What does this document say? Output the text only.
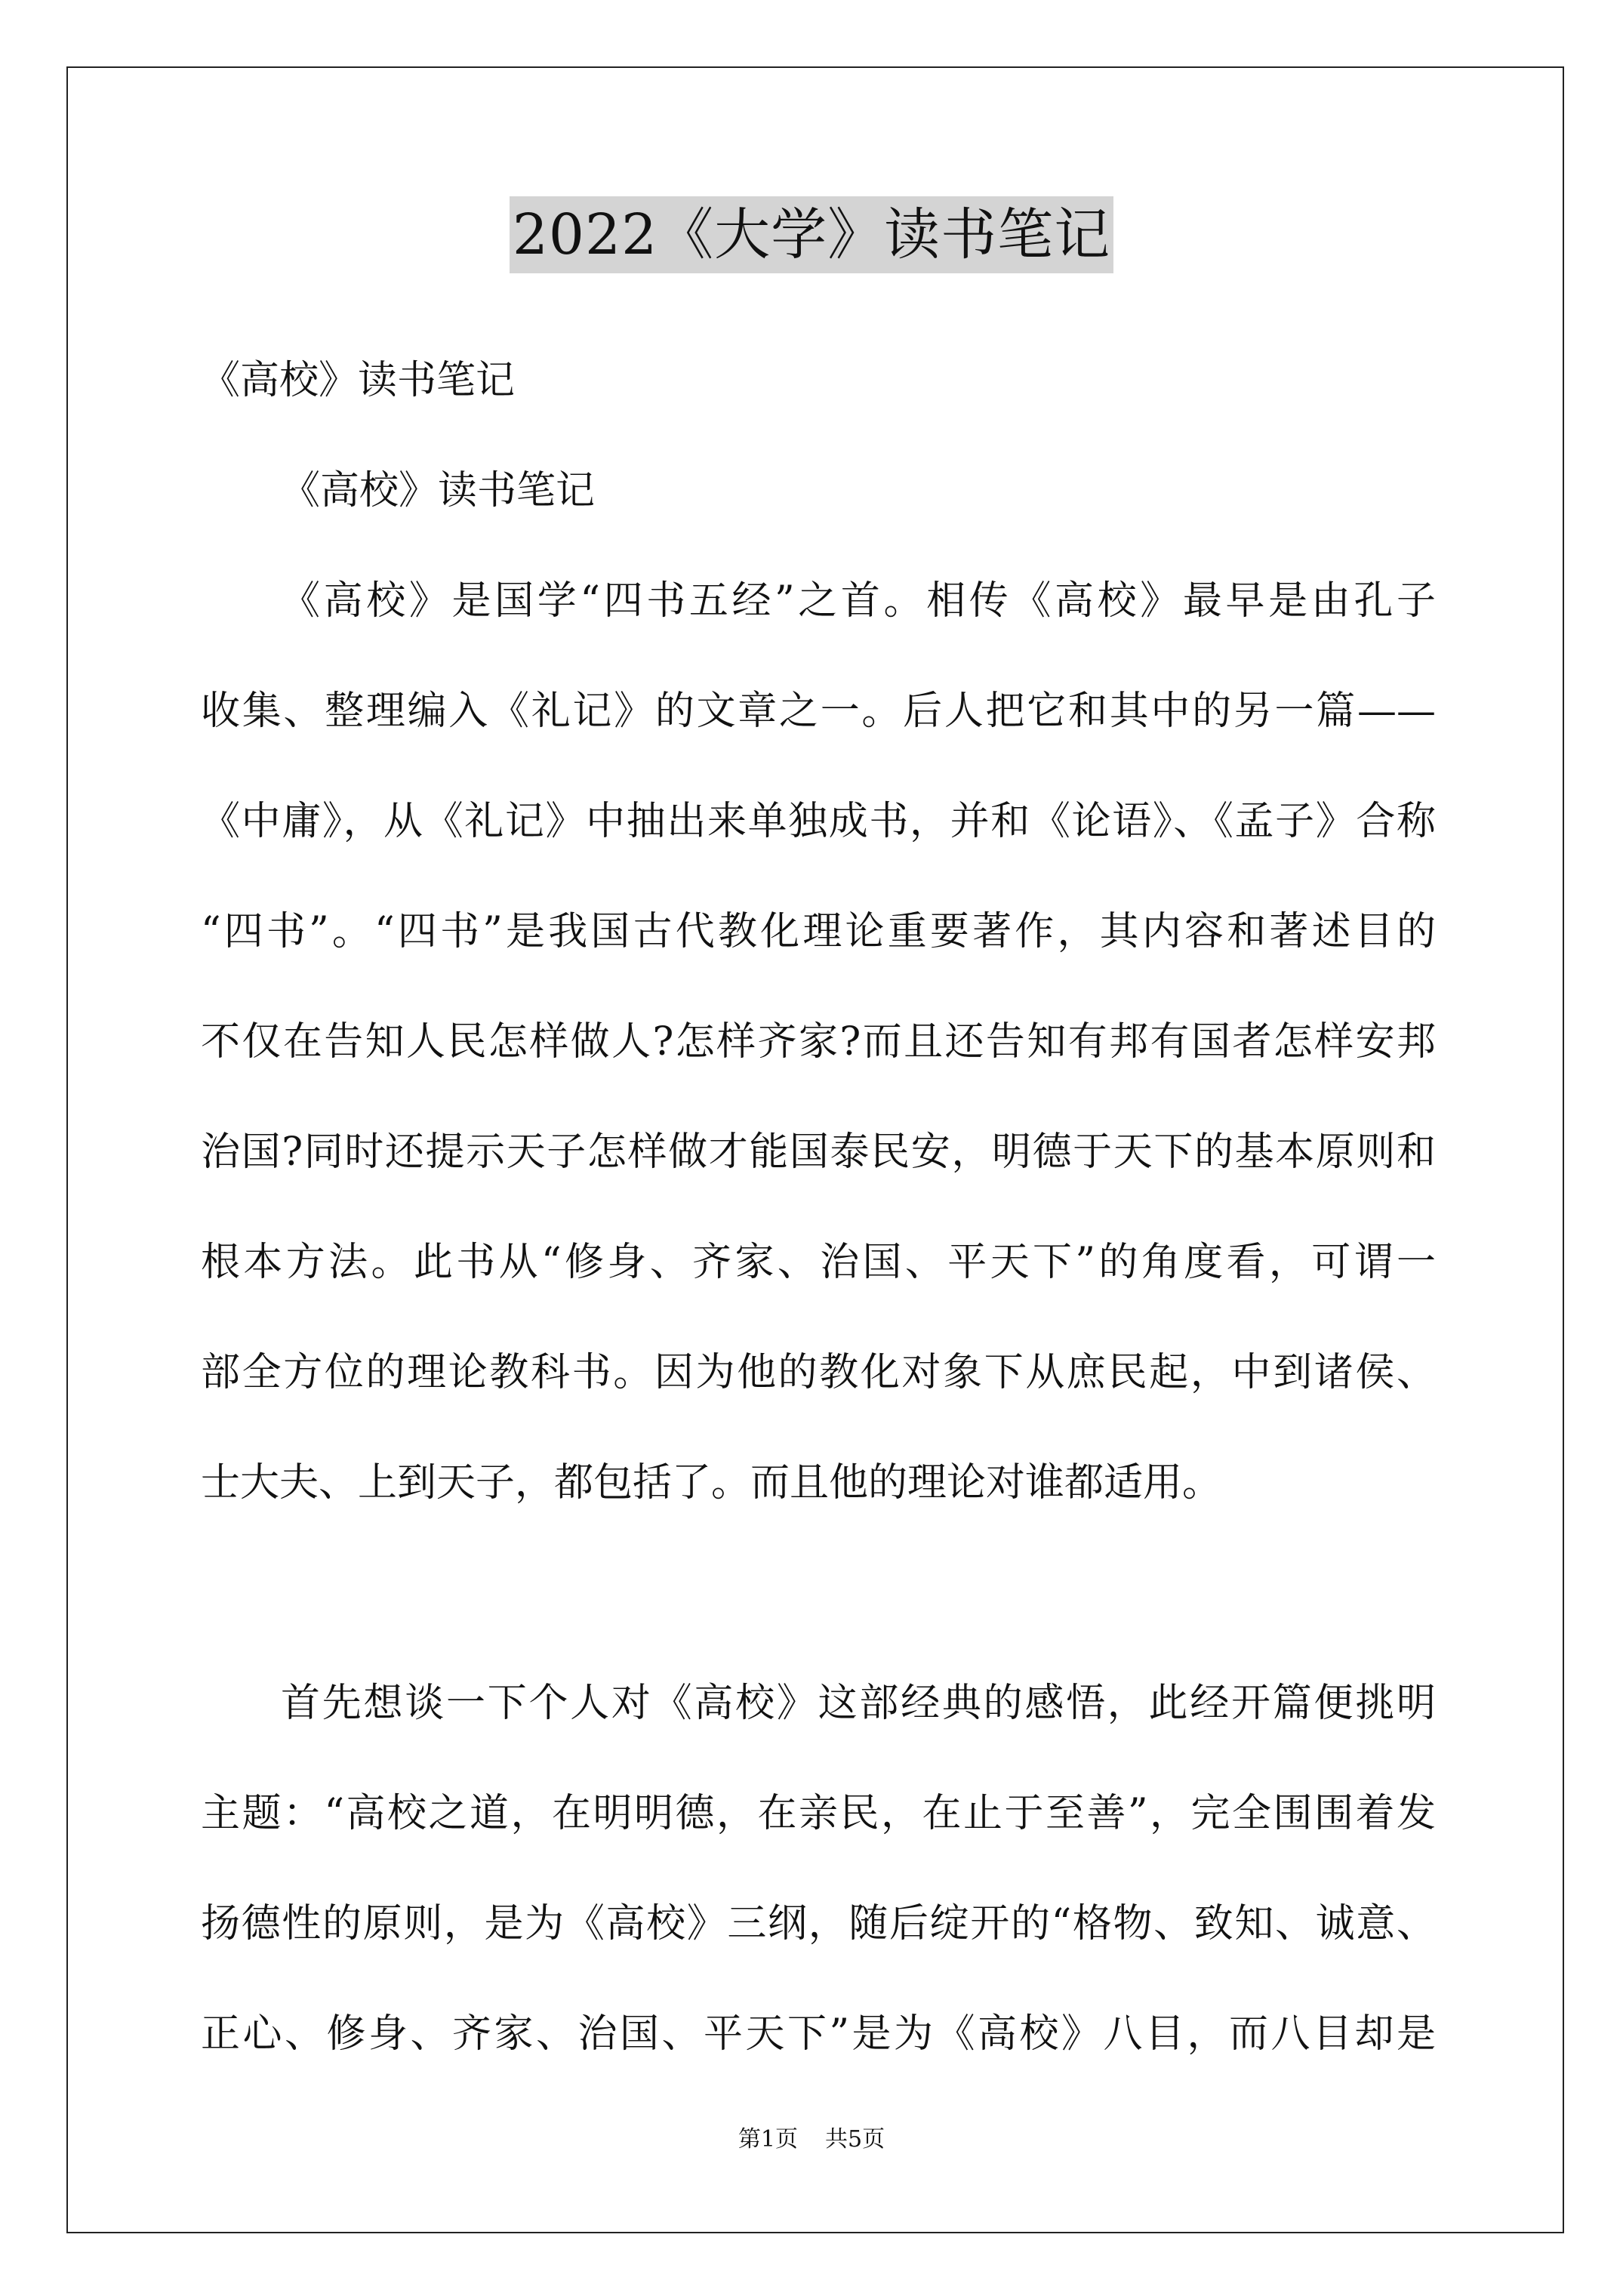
2022《大学》读书笔记
《高校》读书笔记
《高校》读书笔记
《高校》是国学“四书五经”之首。相传《高校》最早是由孔子
收集、整理编入《礼记》的文章之一。后人把它和其中的另一篇——
《中庸》，从《礼记》中抽出来单独成书，并和《论语》、《孟子》合称
“四书”。“四书”是我国古代教化理论重要著作，其内容和著述目的
不仅在告知人民怎样做人?怎样齐家?而且还告知有邦有国者怎样安邦
治国?同时还提示天子怎样做才能国泰民安，明德于天下的基本原则和
根本方法。此书从“修身、齐家、治国、平天下”的角度看，可谓一
部全方位的理论教科书。因为他的教化对象下从庶民起，中到诸侯、
士大夫、上到天子，都包括了。而且他的理论对谁都适用。
首先想谈一下个人对《高校》这部经典的感悟，此经开篇便挑明
主题：“高校之道，在明明德，在亲民，在止于至善”，完全围围着发
扬德性的原则，是为《高校》三纲，随后绽开的“格物、致知、诚意、
正心、修身、齐家、治国、平天下”是为《高校》八目，而八目却是
第1页 共5页
